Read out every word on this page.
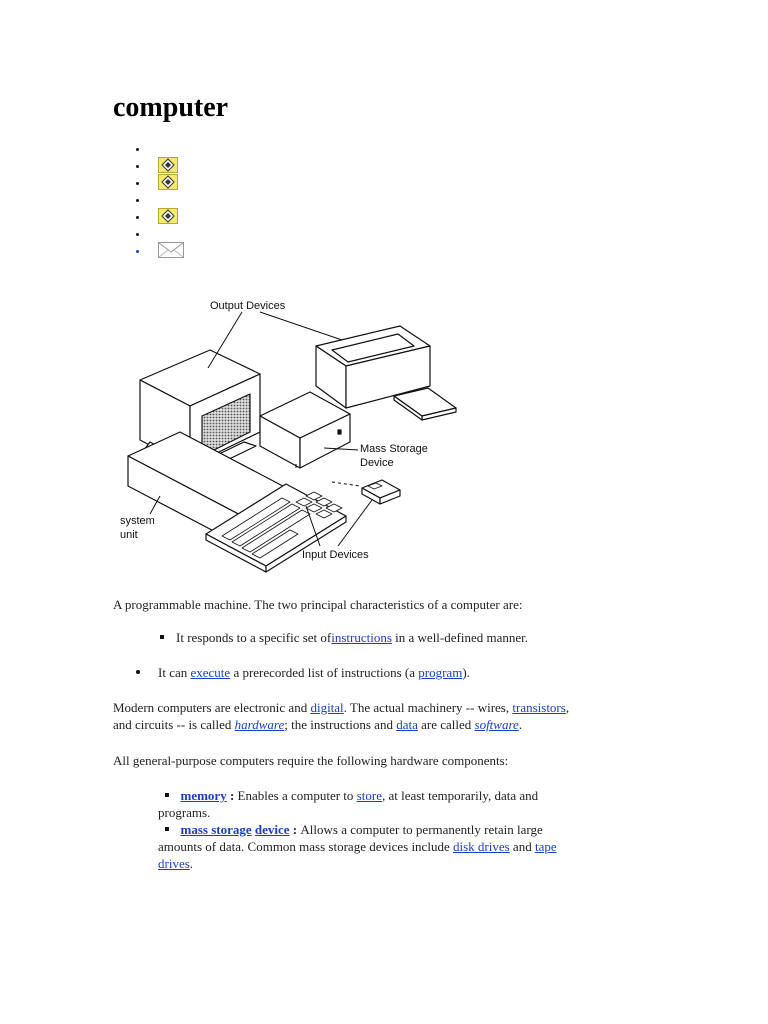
computer
Output Devices
Mass Storage
Device
system
unit
Input Devices

A programmable machine. The two principal characteristics of a computer are:

It responds to a specific set ofinstructions in a well-defined manner.

It can execute a prerecorded list of instructions (a program).

Modern computers are electronic and digital. The actual machinery -- wires, transistors,
and circuits -- is called hardware; the instructions and data are called software.

All general-purpose computers require the following hardware components:

memory : Enables a computer to store, at least temporarily, data and
programs.

mass storage device : Allows a computer to permanently retain large
amounts of data. Common mass storage devices include disk drives and tape
drives.
